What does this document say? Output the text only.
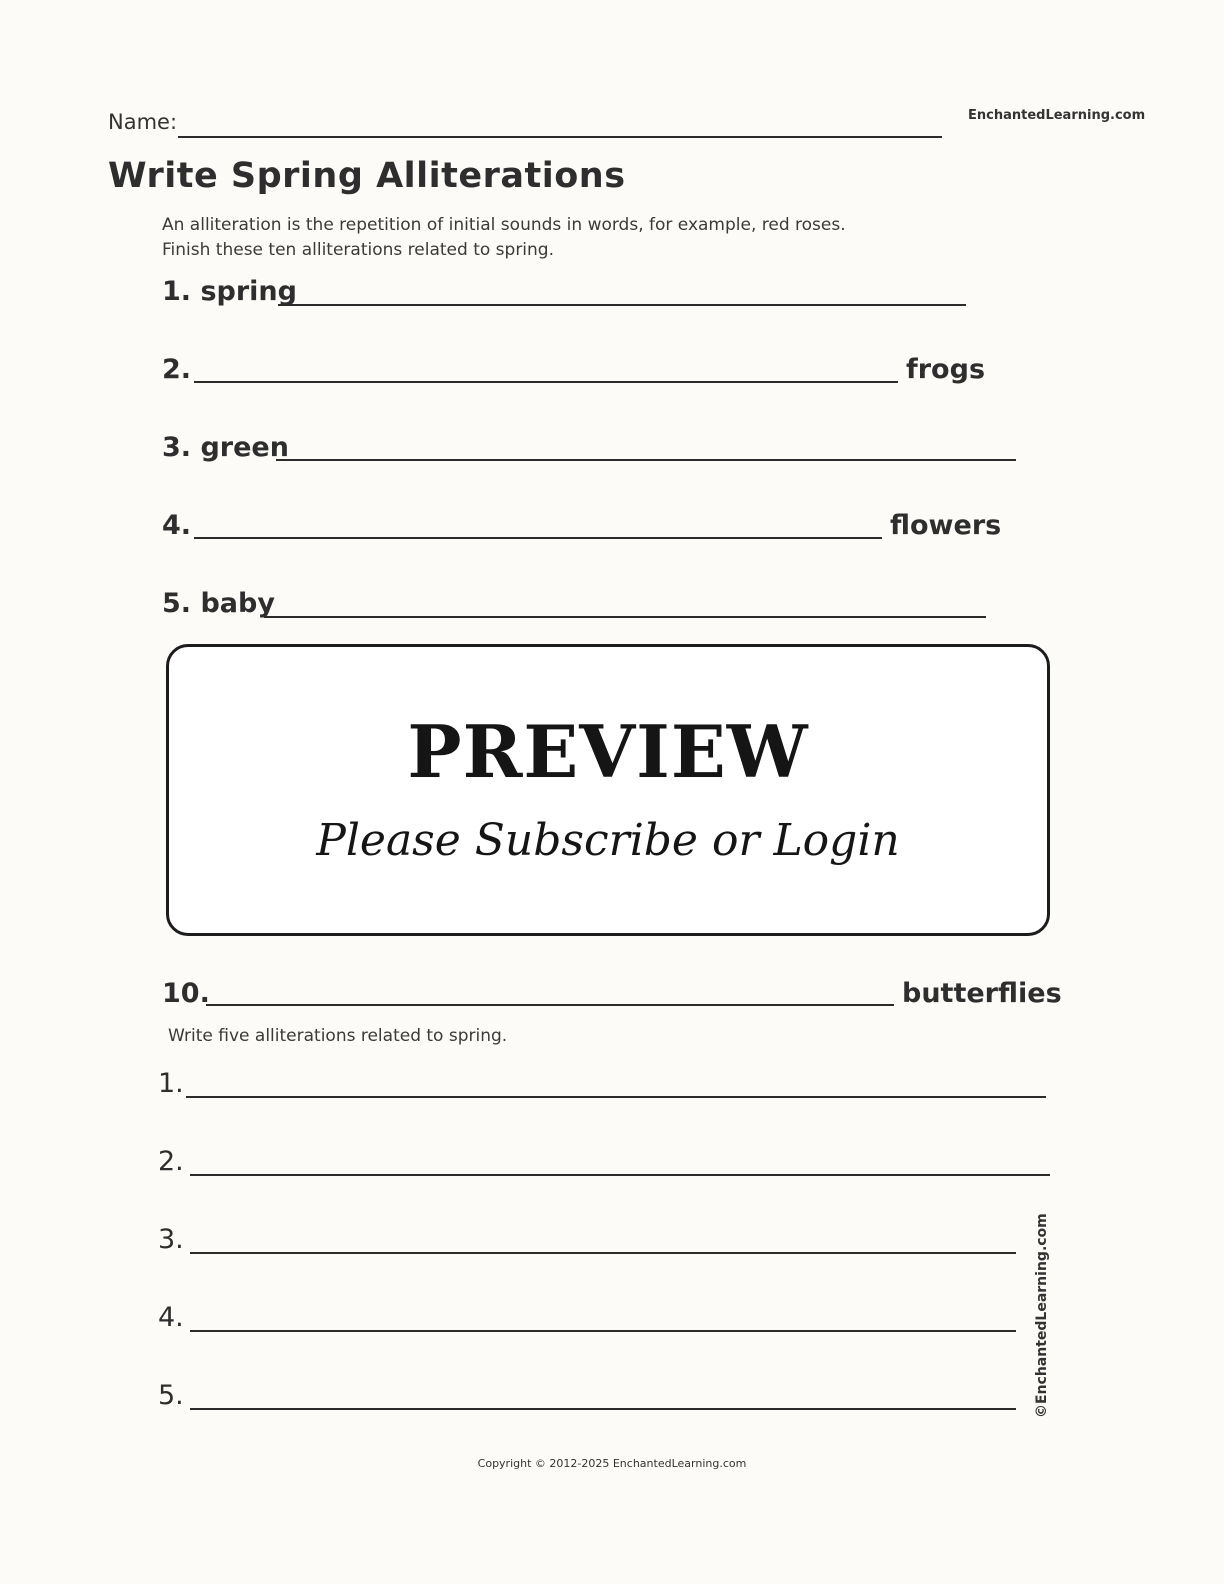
Name:	EnchantedLearning.com
Write Spring Alliterations
An alliteration is the repetition of initial sounds in words, for example, red roses.
Finish these ten alliterations related to spring.
1. spring
2.	frogs
3. green
4.	flowers
5. baby
PREVIEW
Please Subscribe or Login
10.	butterflies
Write five alliterations related to spring.
1.
2.
3.
4.
5.	©EnchantedLearning.com
Copyright © 2012-2025 EnchantedLearning.com
